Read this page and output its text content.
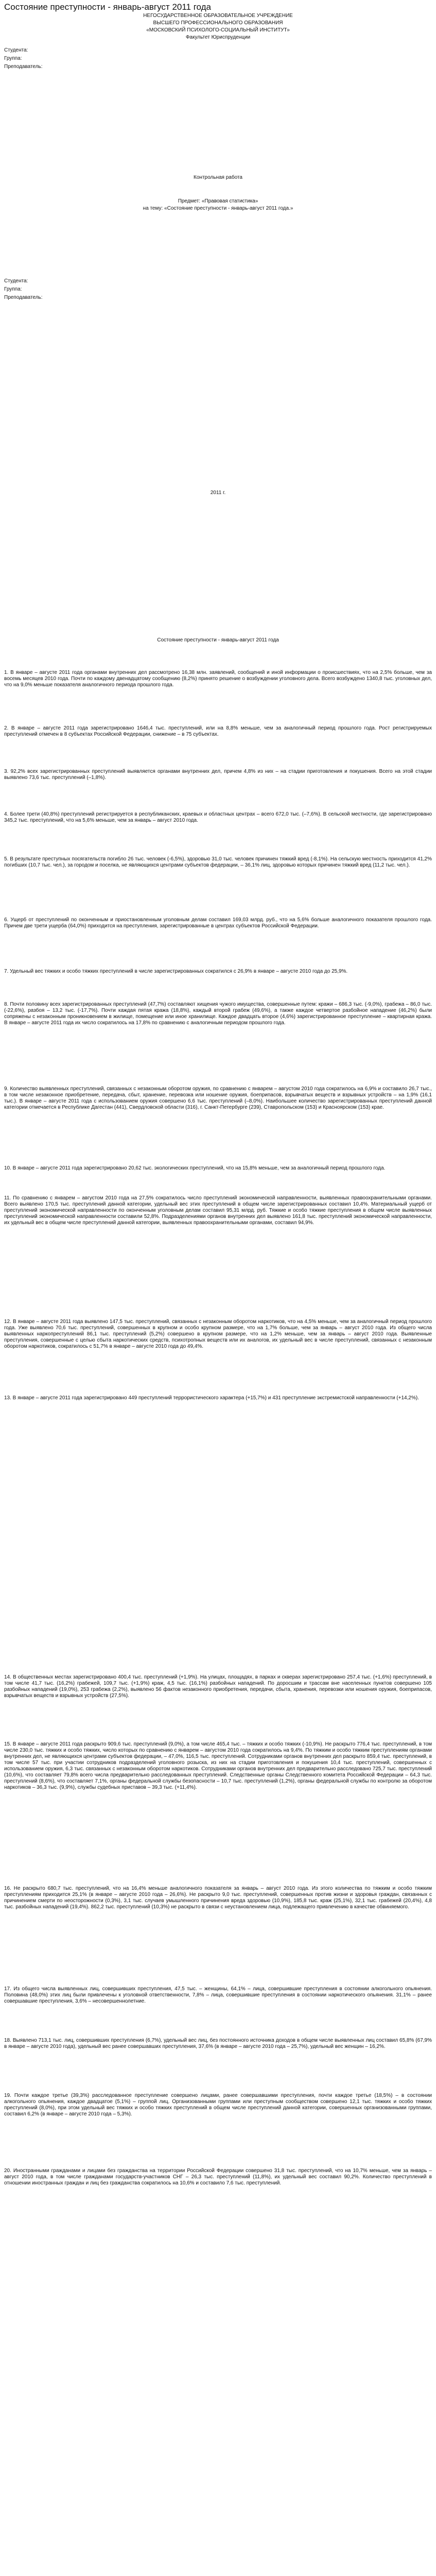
Состояние преступности - январь-август 2011 года
НЕГОСУДАРСТВЕННОЕ ОБРАЗОВАТЕЛЬНОЕ УЧРЕЖДЕНИЕ
ВЫСШЕГО ПРОФЕССИОНАЛЬНОГО ОБРАЗОВАНИЯ
«МОСКОВСКИЙ ПСИХОЛОГО-СОЦИАЛЬНЫЙ ИНСТИТУТ»
Факультет Юриспруденции
Студента:
Группа:
Преподаватель:
Контрольная работа
Предмет: «Правовая статистика»
на тему: «Состояние преступности - январь-август 2011 года.»
Студента:
Группа:
Преподаватель:
2011 г.
Состояние преступности - январь-август 2011 года

1. В январе – августе 2011 года органами внутренних дел рассмотрено 16,38 млн. заявлений, сообщений и иной информации о происшествиях, что на 2,5% больше, чем за восемь месяцев 2010 года. Почти по каждому двенадцатому сообщению (8,2%) принято решение о возбуждении уголовного дела. Всего возбуждено 1340,8 тыс. уголовных дел, что на 9,0% меньше показателя аналогичного периода прошлого года.

2. В январе – августе 2011 года зарегистрировано 1646,4 тыс. преступлений, или на 8,8% меньше, чем за аналогичный период прошлого года. Рост регистрируемых преступлений отмечен в 8 субъектах Российской Федерации, снижение – в 75 субъектах.

3. 92,2% всех зарегистрированных преступлений выявляется органами внутренних дел, причем 4,8% из них – на стадии приготовления и покушения. Всего на этой стадии выявлено 73,6 тыс. преступлений (–1,8%).

4. Более трети (40,8%) преступлений регистрируется в республиканских, краевых и областных центрах – всего 672,0 тыс. (–7,6%). В сельской местности, где зарегистрировано 345,2 тыс. преступлений, что на 5,6% меньше, чем за январь – август 2010 года.

5. В результате преступных посягательств погибло 26 тыс. человек (-6,5%), здоровью 31,0 тыс. человек причинен тяжкий вред (-8,1%). На сельскую местность приходится 41,2% погибших (10,7 тыс. чел.), за городом и поселка, не являющихся центрами субъектов федерации, – 36,1% лиц, здоровью которых причинен тяжкий вред (11,2 тыс. чел.).

6. Ущерб от преступлений по оконченным и приостановленным уголовным делам составил 169,03 млрд. руб., что на 5,6% больше аналогичного показателя прошлого года. Причем две трети ущерба (64,0%) приходится на преступления, зарегистрированные в центрах субъектов Российской Федерации.

7. Удельный вес тяжких и особо тяжких преступлений в числе зарегистрированных сократился с 26,9% в январе – августе 2010 года до 25,9%.

8. Почти половину всех зарегистрированных преступлений (47,7%) составляют хищения чужого имущества, совершенные путем: кражи – 686,3 тыс. (-9,0%), грабежа – 86,0 тыс. (-22,6%), разбоя – 13,2 тыс. (-17,7%). Почти каждая пятая кража (18,8%), каждый второй грабеж (49,6%), а также каждое четвертое разбойное нападение (46,2%) были сопряжены с незаконным проникновением в жилище, помещение или иное хранилище. Каждое двадцать второе (4,6%) зарегистрированное преступление – квартирная кража. В январе – августе 2011 года их число сократилось на 17,8% по сравнению с аналогичным периодом прошлого года.

9. Количество выявленных преступлений, связанных с незаконным оборотом оружия, по сравнению с январем – августом 2010 года сократилось на 6,9% и составило 26,7 тыс., в том числе незаконное приобретение, передача, сбыт, хранение, перевозка или ношение оружия, боеприпасов, взрывчатых веществ и взрывных устройств – на 1,9% (16,1 тыс.). В январе – августе 2011 года с использованием оружия совершено 6,6 тыс. преступлений (–8,0%). Наибольшее количество зарегистрированных преступлений данной категории отмечается в Республике Дагестан (441), Свердловской области (316), г. Санкт-Петербурге (239), Ставропольском (153) и Красноярском (153) крае.

10. В январе – августе 2011 года зарегистрировано 20,62 тыс. экологических преступлений, что на 15,8% меньше, чем за аналогичный период прошлого года.

11. По сравнению с январем – августом 2010 года на 27,5% сократилось число преступлений экономической направленности, выявленных правоохранительными органами. Всего выявлено 170,5 тыс. преступлений данной категории, удельный вес этих преступлений в общем числе зарегистрированных составил 10,4%. Материальный ущерб от преступлений экономической направленности по оконченным уголовным делам составил 95,31 млрд. руб. Тяжкие и особо тяжкие преступления в общем числе выявленных преступлений экономической направленности составили 52,8%. Подразделениями органов внутренних дел выявлено 161,8 тыс. преступлений экономической направленности, их удельный вес в общем числе преступлений данной категории, выявленных правоохранительными органами, составил 94,9%.

12. В январе – августе 2011 года выявлено 147,5 тыс. преступлений, связанных с незаконным оборотом наркотиков, что на 4,5% меньше, чем за аналогичный период прошлого года. Уже выявлено 70,6 тыс. преступлений, совершенных в крупном и особо крупном размере, что на 1,7% больше, чем за январь – август 2010 года. Из общего числа выявленных наркопреступлений 86,1 тыс. преступлений (5,2%) совершено в крупном размере, что на 1,2% меньше, чем за январь – август 2010 года. Выявленные преступления, совершенные с целью сбыта наркотических средств, психотропных веществ или их аналогов, их удельный вес в числе преступлений, связанных с незаконным оборотом наркотиков, сократилось с 51,7% в январе – августе 2010 года до 49,4%.

13. В январе – августе 2011 года зарегистрировано 449 преступлений террористического характера (+15,7%) и 431 преступление экстремистской направленности (+14,2%).

14. В общественных местах зарегистрировано 400,4 тыс. преступлений (+1,9%). На улицах, площадях, в парках и скверах зарегистрировано 257,4 тыс. (+1,6%) преступлений, в том числе 41,7 тыс. (16,2%) грабежей, 109,7 тыс. (+1,9%) краж, 4,5 тыс. (16,1%) разбойных нападений. По доросшим и трассам вне населенных пунктов совершено 105 разбойных нападений (19,0%), 253 грабежа (2,2%), выявлено 56 фактов незаконного приобретения, передачи, сбыта, хранения, перевозки или ношения оружия, боеприпасов, взрывчатых веществ и взрывных устройств (27,5%).

15. В январе – августе 2011 года раскрыто 909,6 тыс. преступлений (9,0%), а том числе 465,4 тыс. – тяжких и особо тяжких (-10,9%). Не раскрыто 776,4 тыс. преступлений, в том числе 230,0 тыс. тяжких и особо тяжких, число которых по сравнению с январем – августом 2010 года сократилось на 9,4%. По тяжким и особо тяжким преступлениям органами внутренних дел, не являющихся центрами субъектов федерации, – 47,0%, 116,5 тыс. преступлений. Сотрудниками органов внутренних дел раскрыто 859,4 тыс. преступлений, в том числе 57 тыс. при участии сотрудников подразделений уголовного розыска, из них на стадии приготовления и покушения 10,4 тыс. преступлений, совершенных с использованием оружия, 6,3 тыс. связанных с незаконным оборотом наркотиков. Сотрудниками органов внутренних дел предварительно расследовано 725,7 тыс. преступлений (10,6%), что составляет 79,8% всего числа предварительно расследованных преступлений. Следственные органы Следственного комитета Российской Федерации – 64,3 тыс. преступлений (8,6%), что составляет 7,1%, органы федеральной службы безопасности – 10,7 тыс. преступлений (1,2%), органы федеральной службы по контролю за оборотом наркотиков – 36,3 тыс. (9,9%), службы судебных приставов – 39,3 тыс. (+11,4%).

16. Не раскрыто 680,7 тыс. преступлений, что на 16,4% меньше аналогичного показателя за январь – август 2010 года. Из этого количества по тяжким и особо тяжким преступлениям приходится 25,1% (в январе – августе 2010 года – 26,6%). Не раскрыто 9,0 тыс. преступлений, совершенных против жизни и здоровья граждан, связанных с причинением смерти по неосторожности (0,3%), 3,1 тыс. случаев умышленного причинения вреда здоровью (10,9%), 185,8 тыс. краж (25,1%), 32,1 тыс. грабежей (20,4%), 4,8 тыс. разбойных нападений (19,4%). 862,2 тыс. преступлений (10,3%) не раскрыто в связи с неустановлением лица, подлежащего привлечению в качестве обвиняемого.

17. Из общего числа выявленных лиц, совершивших преступления, 47,5 тыс. – женщины, 64,1% – лица, совершившие преступления в состоянии алкогольного опьянения. Половина (48,0%) этих лиц были привлечены к уголовной ответственности, 7,8% – лица, совершившие преступления в состоянии наркотического опьянения. 31,1% – ранее совершавшие преступления, 3,6% – несовершеннолетние.

18. Выявлено 713,1 тыс. лиц, совершивших преступления (6,7%), удельный вес лиц, без постоянного источника доходов в общем числе выявленных лиц составил 65,8% (67,9% в январе – августе 2010 года), удельный вес ранее совершавших преступления, 37,6% (в январе – августе 2010 года – 25,7%), удельный вес женщин – 16,2%.

19. Почти каждое третье (39,3%) расследованное преступление совершено лицами, ранее совершавшими преступления, почти каждое третье (18,5%) – в состоянии алкогольного опьянения, каждое двадцатое (5,1%) – группой лиц. Организованными группами или преступным сообществом совершено 12,1 тыс. тяжких и особо тяжких преступлений (8,0%), при этом удельный вес тяжких и особо тяжких преступлений в общем числе преступлений данной категории, совершенных организованными группами, составил 6,2% (в январе – августе 2010 года – 5,3%).

20. Иностранными гражданами и лицами без гражданства на территории Российской Федерации совершено 31,8 тыс. преступлений, что на 10,7% меньше, чем за январь – август 2010 года, в том числе гражданами государств-участников СНГ – 26,3 тыс. преступлений (11,8%), их удельный вес составил 90,2%. Количество преступлений в отношении иностранных граждан и лиц без гражданства сократилось на 10,6% и составило 7,6 тыс. преступлений.
